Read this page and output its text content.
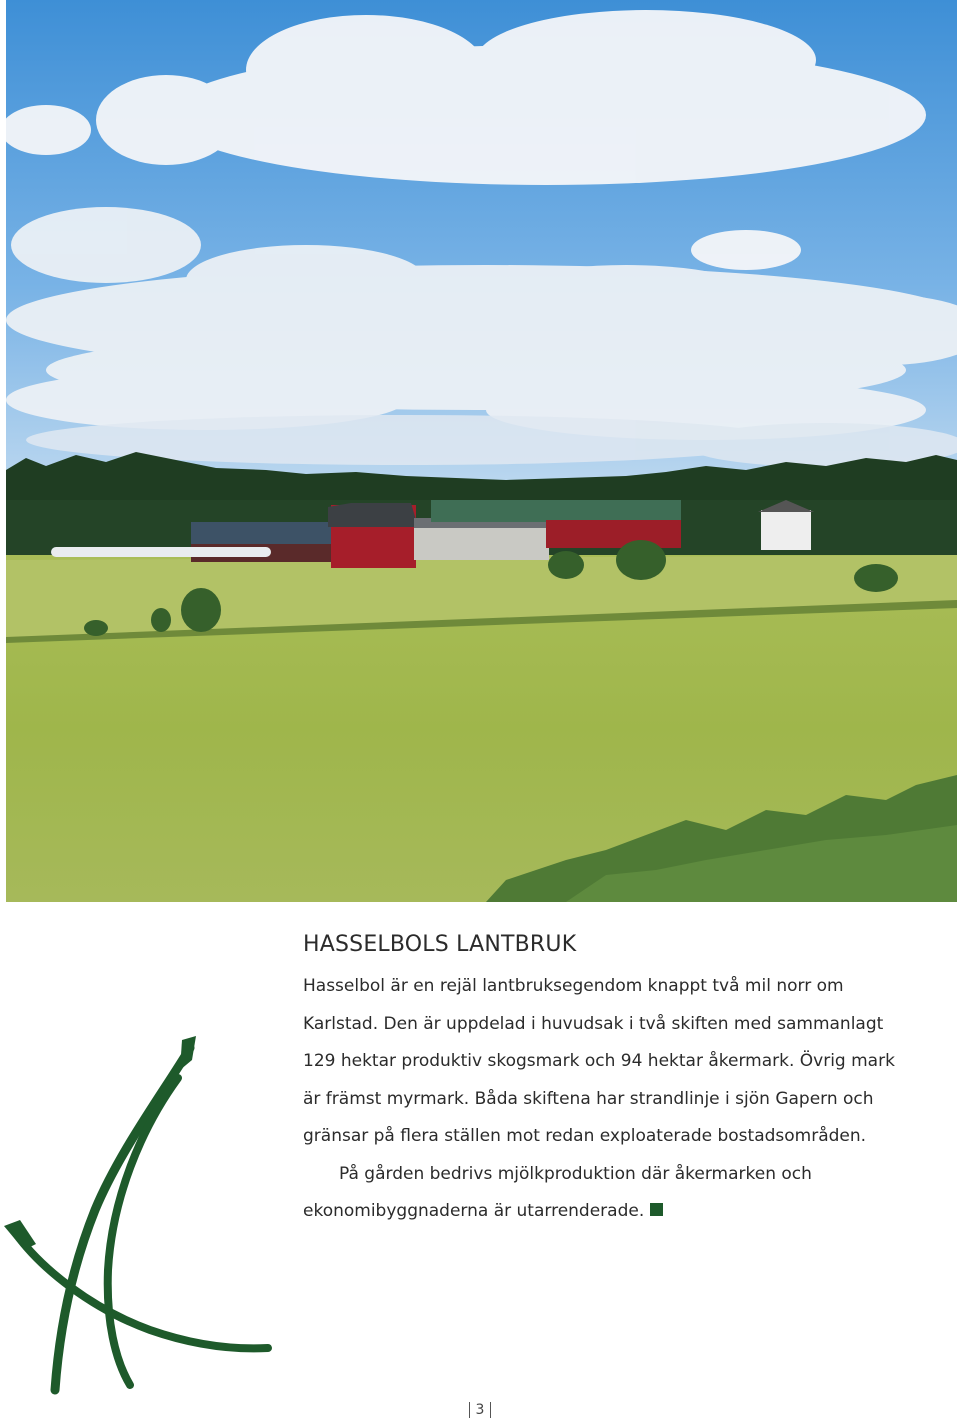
HASSELBOLS LANTBRUK

Hasselbol är en rejäl lantbruksegendom knappt två mil norr om Karlstad. Den är uppdelad i huvudsak i två skiften med sammanlagt 129 hektar produktiv skogsmark och 94 hektar åkermark. Övrig mark är främst myrmark. Båda skiftena har strandlinje i sjön Gapern och gränsar på flera ställen mot redan exploaterade bostadsområden.

På gården bedrivs mjölkproduktion där åkermarken och ekonomibyggnaderna är utarrenderade.

3
